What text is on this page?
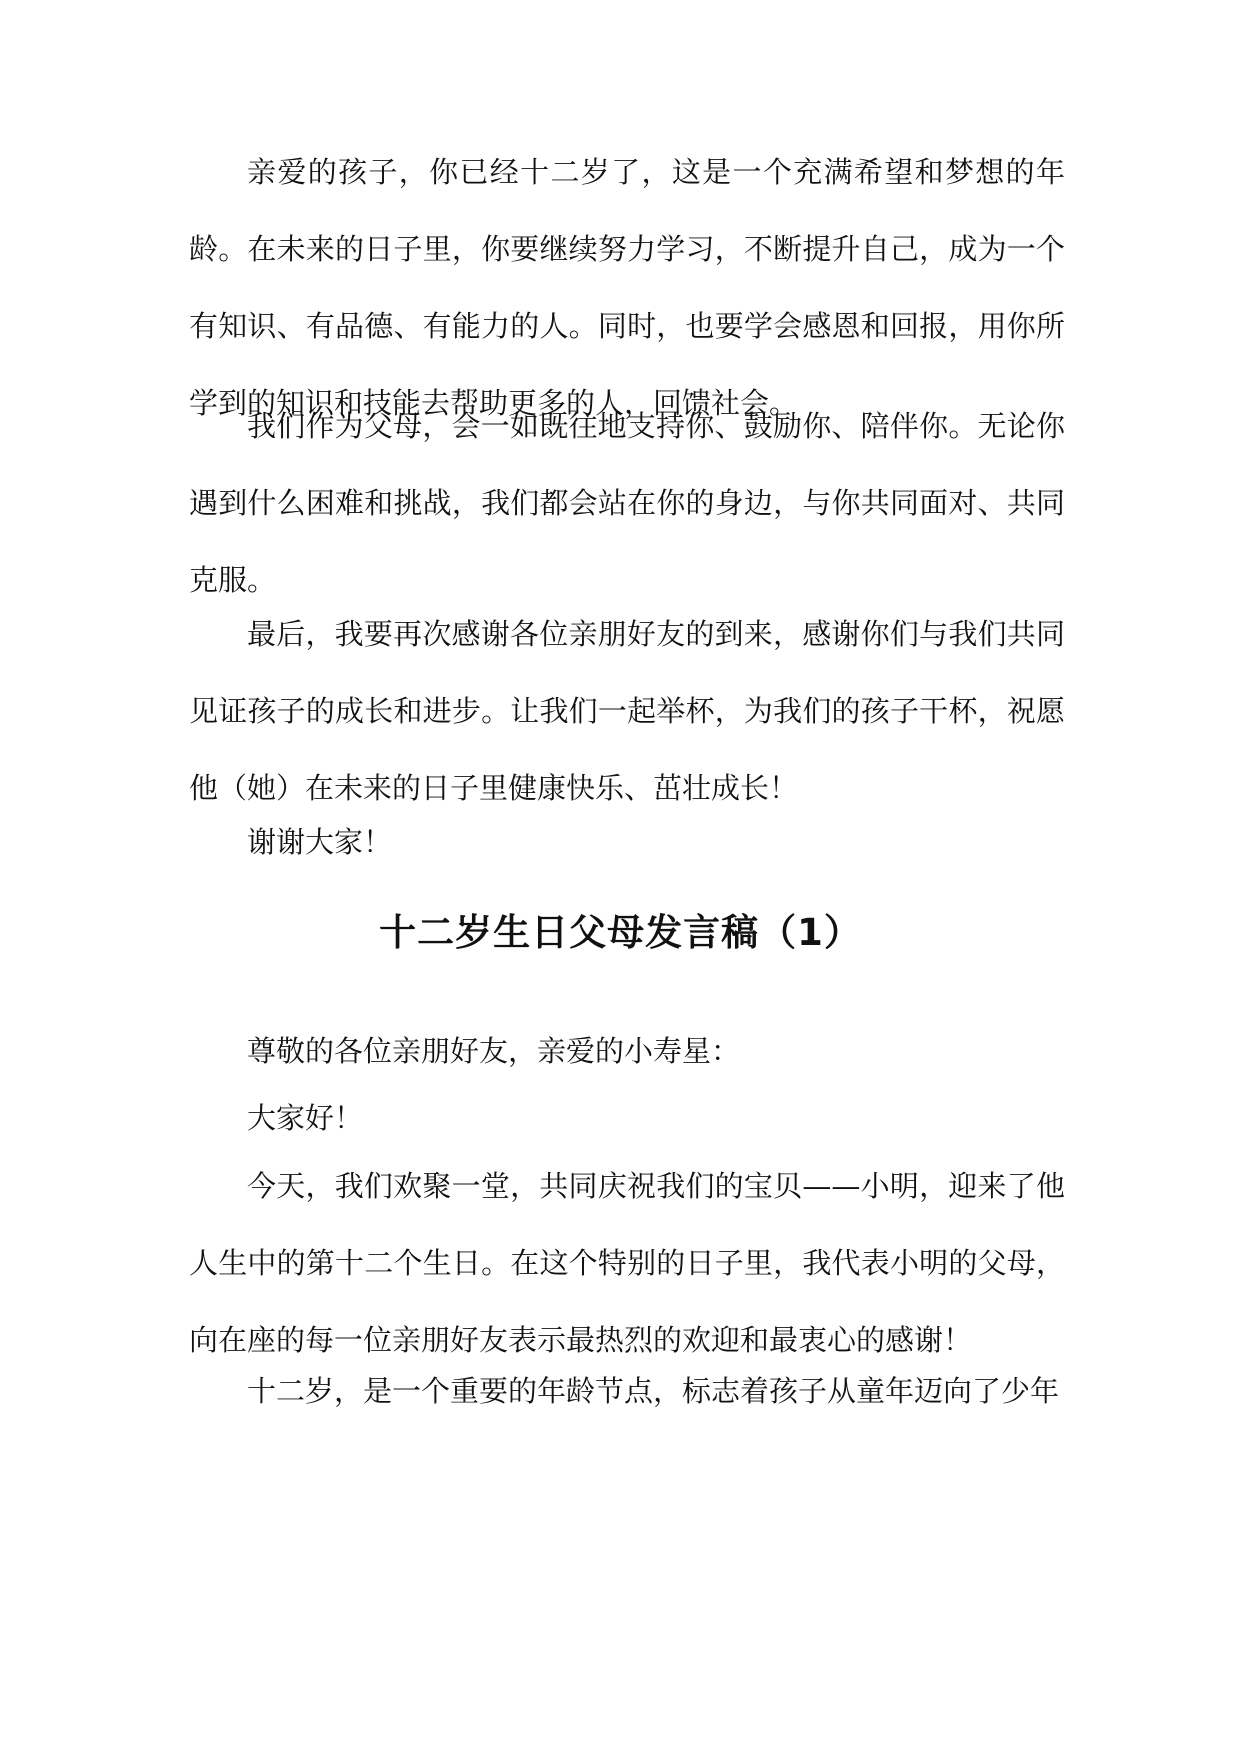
亲爱的孩子，你已经十二岁了，这是一个充满希望和梦想的年龄。在未来的日子里，你要继续努力学习，不断提升自己，成为一个有知识、有品德、有能力的人。同时，也要学会感恩和回报，用你所学到的知识和技能去帮助更多的人，回馈社会。

我们作为父母，会一如既往地支持你、鼓励你、陪伴你。无论你遇到什么困难和挑战，我们都会站在你的身边，与你共同面对、共同克服。

最后，我要再次感谢各位亲朋好友的到来，感谢你们与我们共同见证孩子的成长和进步。让我们一起举杯，为我们的孩子干杯，祝愿他（她）在未来的日子里健康快乐、茁壮成长！

谢谢大家！

十二岁生日父母发言稿（1）

尊敬的各位亲朋好友，亲爱的小寿星：

大家好！

今天，我们欢聚一堂，共同庆祝我们的宝贝——小明，迎来了他人生中的第十二个生日。在这个特别的日子里，我代表小明的父母，向在座的每一位亲朋好友表示最热烈的欢迎和最衷心的感谢！

十二岁，是一个重要的年龄节点，标志着孩子从童年迈向了少年
